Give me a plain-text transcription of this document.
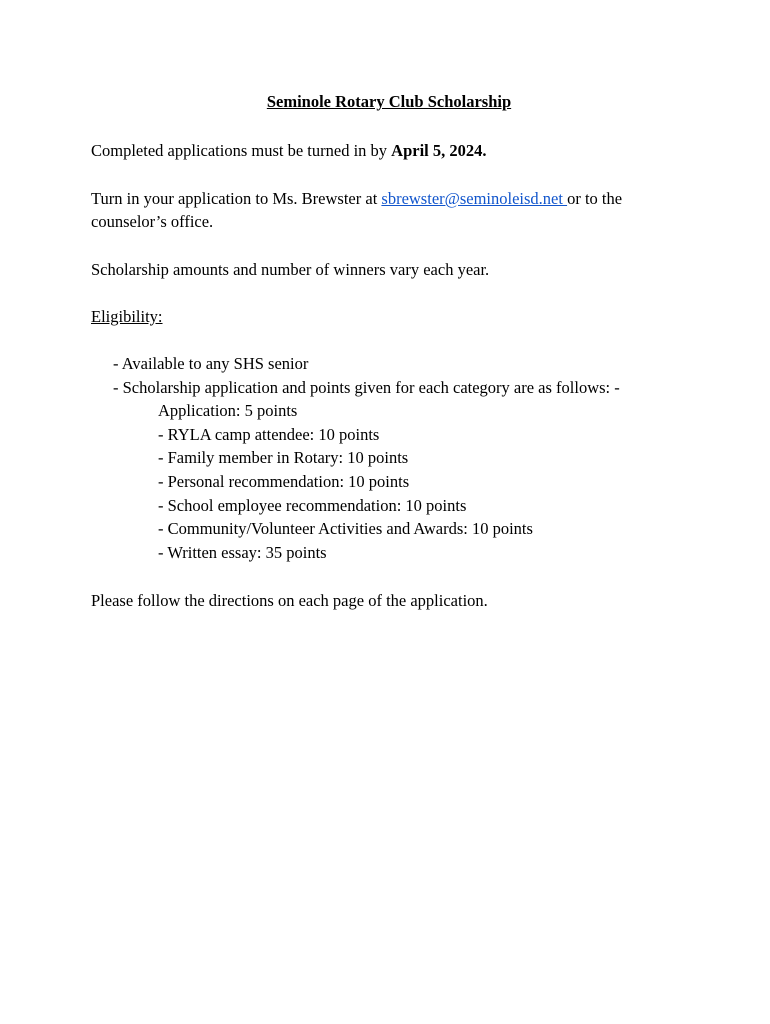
Seminole Rotary Club Scholarship
Completed applications must be turned in by April 5, 2024.
Turn in your application to Ms. Brewster at sbrewster@seminoleisd.net or to the
counselor’s office.
Scholarship amounts and number of winners vary each year.
Eligibility:
- Available to any SHS senior
- Scholarship application and points given for each category are as follows: -
Application: 5 points
- RYLA camp attendee: 10 points
- Family member in Rotary: 10 points
- Personal recommendation: 10 points
- School employee recommendation: 10 points
- Community/Volunteer Activities and Awards: 10 points
- Written essay: 35 points
Please follow the directions on each page of the application.
